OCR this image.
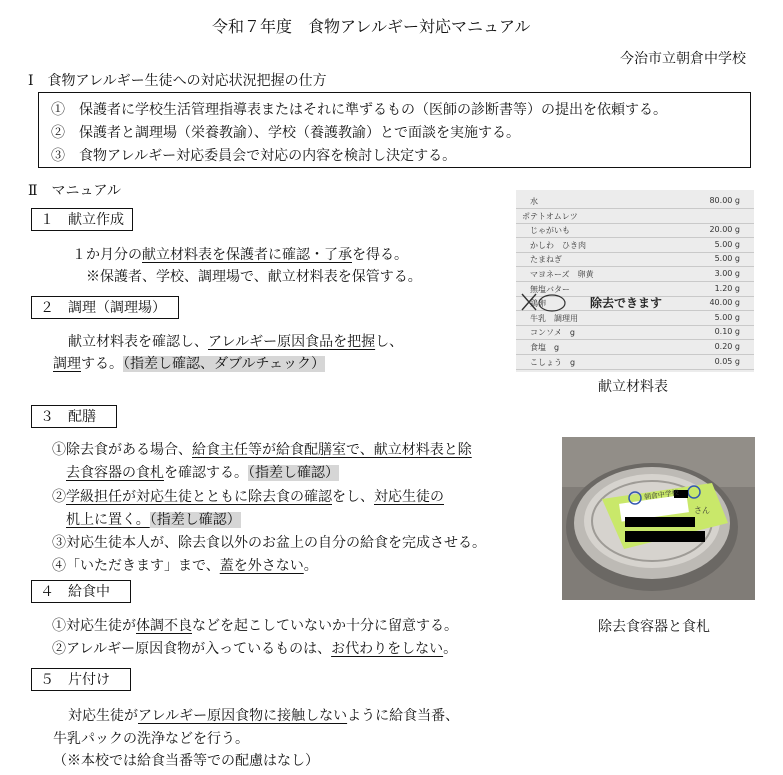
令和７年度　食物アレルギー対応マニュアル
今治市立朝倉中学校
Ⅰ　食物アレルギー生徒への対応状況把握の仕方
①　保護者に学校生活管理指導表またはそれに準ずるもの（医師の診断書等）の提出を依頼する。
②　保護者と調理場（栄養教諭）、学校（養護教諭）とで面談を実施する。
③　食物アレルギー対応委員会で対応の内容を検討し決定する。
Ⅱ　マニュアル
１　献立作成
１か月分の献立材料表を保護者に確認・了承を得る。
※保護者、学校、調理場で、献立材料表を保管する。
２　調理（調理場）
献立材料表を確認し、アレルギー原因食品を把握し、
調理する。（指差し確認、ダブルチェック）
３　配膳
①除去食がある場合、給食主任等が給食配膳室で、献立材料表と除
去食容器の食札を確認する。（指差し確認）
②学級担任が対応生徒とともに除去食の確認をし、対応生徒の
机上に置く。（指差し確認）
③対応生徒本人が、除去食以外のお盆上の自分の給食を完成させる。
④「いただきます」まで、蓋を外さない。
４　給食中
①対応生徒が体調不良などを起こしていないか十分に留意する。
②アレルギー原因食物が入っているものは、お代わりをしない。
５　片付け
対応生徒がアレルギー原因食物に接触しないように給食当番、
牛乳パックの洗浄などを行う。
（※本校では給食当番等での配慮はなし）
水	80.00 g
ポテトオムレツ
じゃがいも	20.00 g
かしわ　ひき肉	5.00 g
たまねぎ	5.00 g
マヨネーズ　卵黄	3.00 g
無塩バター	1.20 g
鶏卵	40.00 g
牛乳　調理用	5.00 g
コンソメ　g	0.10 g
食塩　g	0.20 g
こしょう　g	0.05 g
除去できます
献立材料表
朝倉中学校
さん
除去食容器と食札
